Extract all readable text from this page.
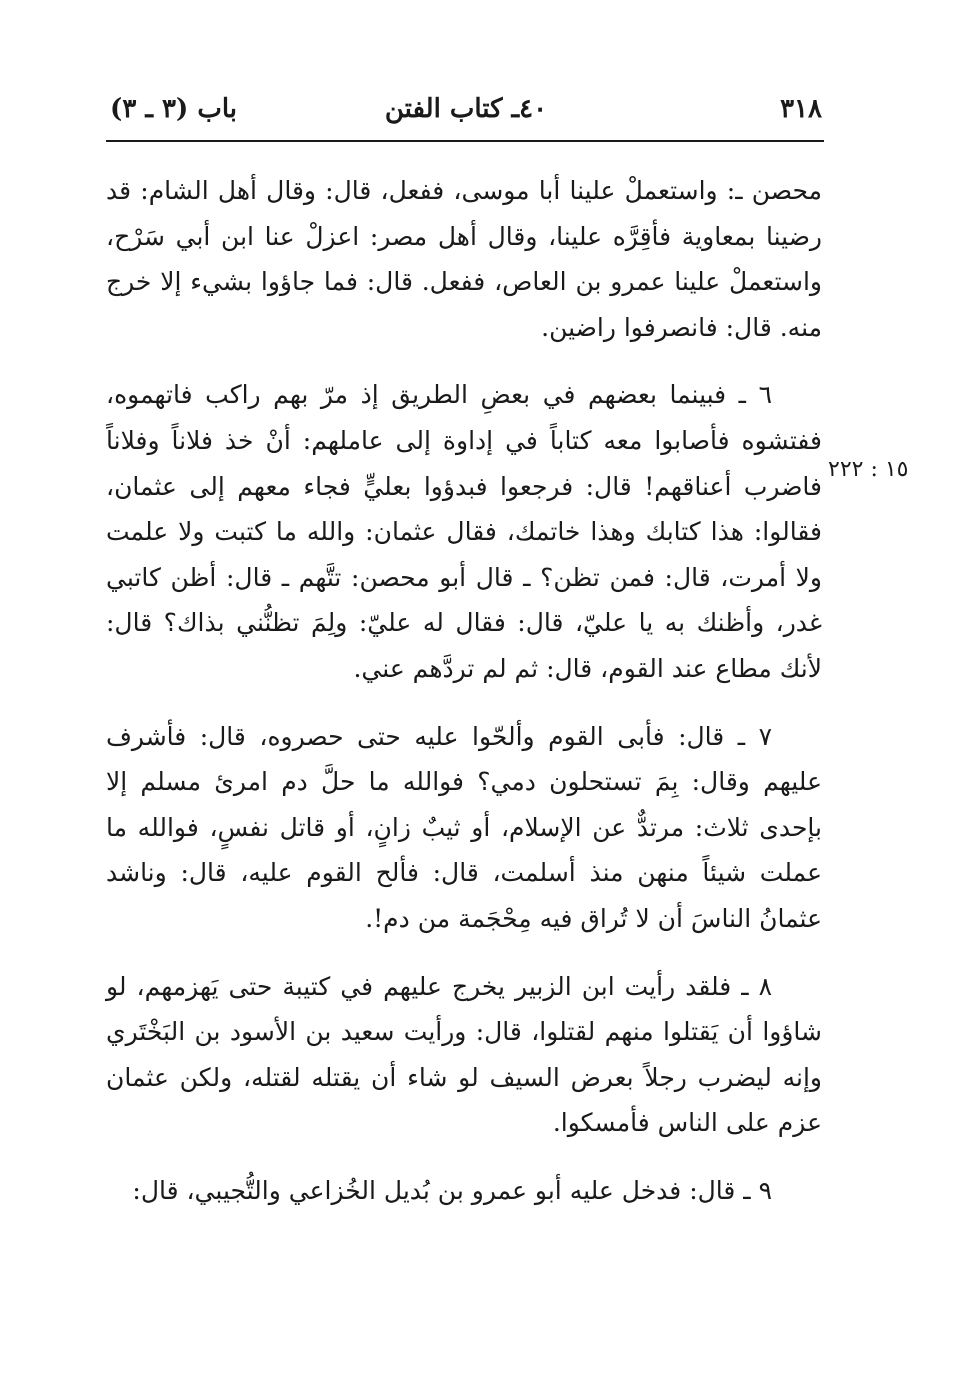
٣١٨
٤٠ـ كتاب الفتن
باب (٣ ـ ٣)
١٥ : ٢٢٢

محصن ـ: واستعملْ علينا أبا موسى، ففعل، قال: وقال أهل الشام: قد رضينا بمعاوية فأقِرَّه علينا، وقال أهل مصر: اعزلْ عنا ابن أبي سَرْح، واستعملْ علينا عمرو بن العاص، ففعل. قال: فما جاؤوا بشيء إلا خرج منه. قال: فانصرفوا راضين.

٦ ـ فبينما بعضهم في بعضِ الطريق إذ مرّ بهم راكب فاتهموه، ففتشوه فأصابوا معه كتاباً في إداوة إلى عاملهم: أنْ خذ فلاناً وفلاناً فاضرب أعناقهم! قال: فرجعوا فبدؤوا بعليٍّ فجاء معهم إلى عثمان، فقالوا: هذا كتابك وهذا خاتمك، فقال عثمان: والله ما كتبت ولا علمت ولا أمرت، قال: فمن تظن؟ ـ قال أبو محصن: تتَّهم ـ قال: أظن كاتبي غدر، وأظنك به يا عليّ، قال: فقال له عليّ: ولِمَ تظنُّني بذاك؟ قال: لأنك مطاع عند القوم، قال: ثم لم تردَّهم عني.

٧ ـ قال: فأبى القوم وألحّوا عليه حتى حصروه، قال: فأشرف عليهم وقال: بِمَ تستحلون دمي؟ فوالله ما حلَّ دم امرئ مسلم إلا بإحدى ثلاث: مرتدٌّ عن الإسلام، أو ثيبٌ زانٍ، أو قاتل نفسٍ، فوالله ما عملت شيئاً منهن منذ أسلمت، قال: فألح القوم عليه، قال: وناشد عثمانُ الناسَ أن لا تُراق فيه مِحْجَمة من دم!.

٨ ـ فلقد رأيت ابن الزبير يخرج عليهم في كتيبة حتى يَهزمهم، لو شاؤوا أن يَقتلوا منهم لقتلوا، قال: ورأيت سعيد بن الأسود بن البَخْتَري وإنه ليضرب رجلاً بعرض السيف لو شاء أن يقتله لقتله، ولكن عثمان عزم على الناس فأمسكوا.

٩ ـ قال: فدخل عليه أبو عمرو بن بُديل الخُزاعي والتُّجيبي، قال:
